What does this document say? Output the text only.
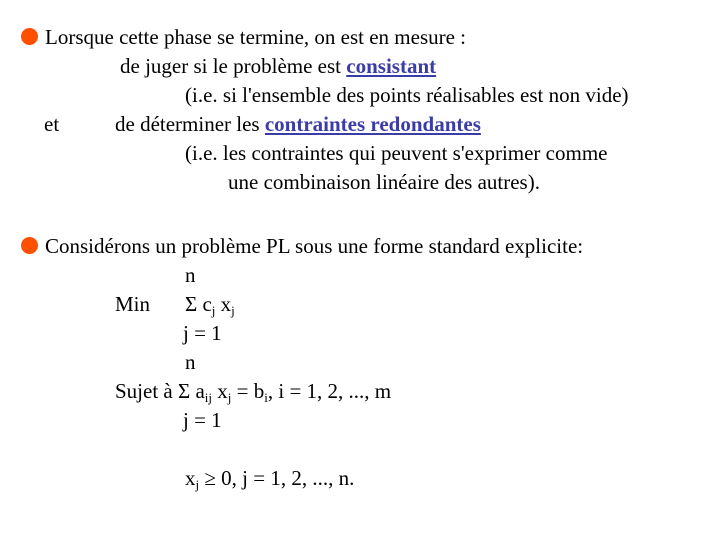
Lorsque cette phase se termine, on est en mesure :
de juger si le problème est consistant
(i.e. si l'ensemble des points réalisables est non vide)
et	de déterminer les contraintes redondantes
(i.e. les contraintes qui peuvent s'exprimer comme
une combinaison linéaire des autres).
Considérons un problème PL sous une forme standard explicite:
n
Min Σ $c_j$ $x_j$
j = 1
n
Sujet à Σ $a_{ij}$ $x_j = b_i$, i = 1, 2, ..., m
j = 1
$x_j \ge 0$, j = 1, 2, ..., n.
